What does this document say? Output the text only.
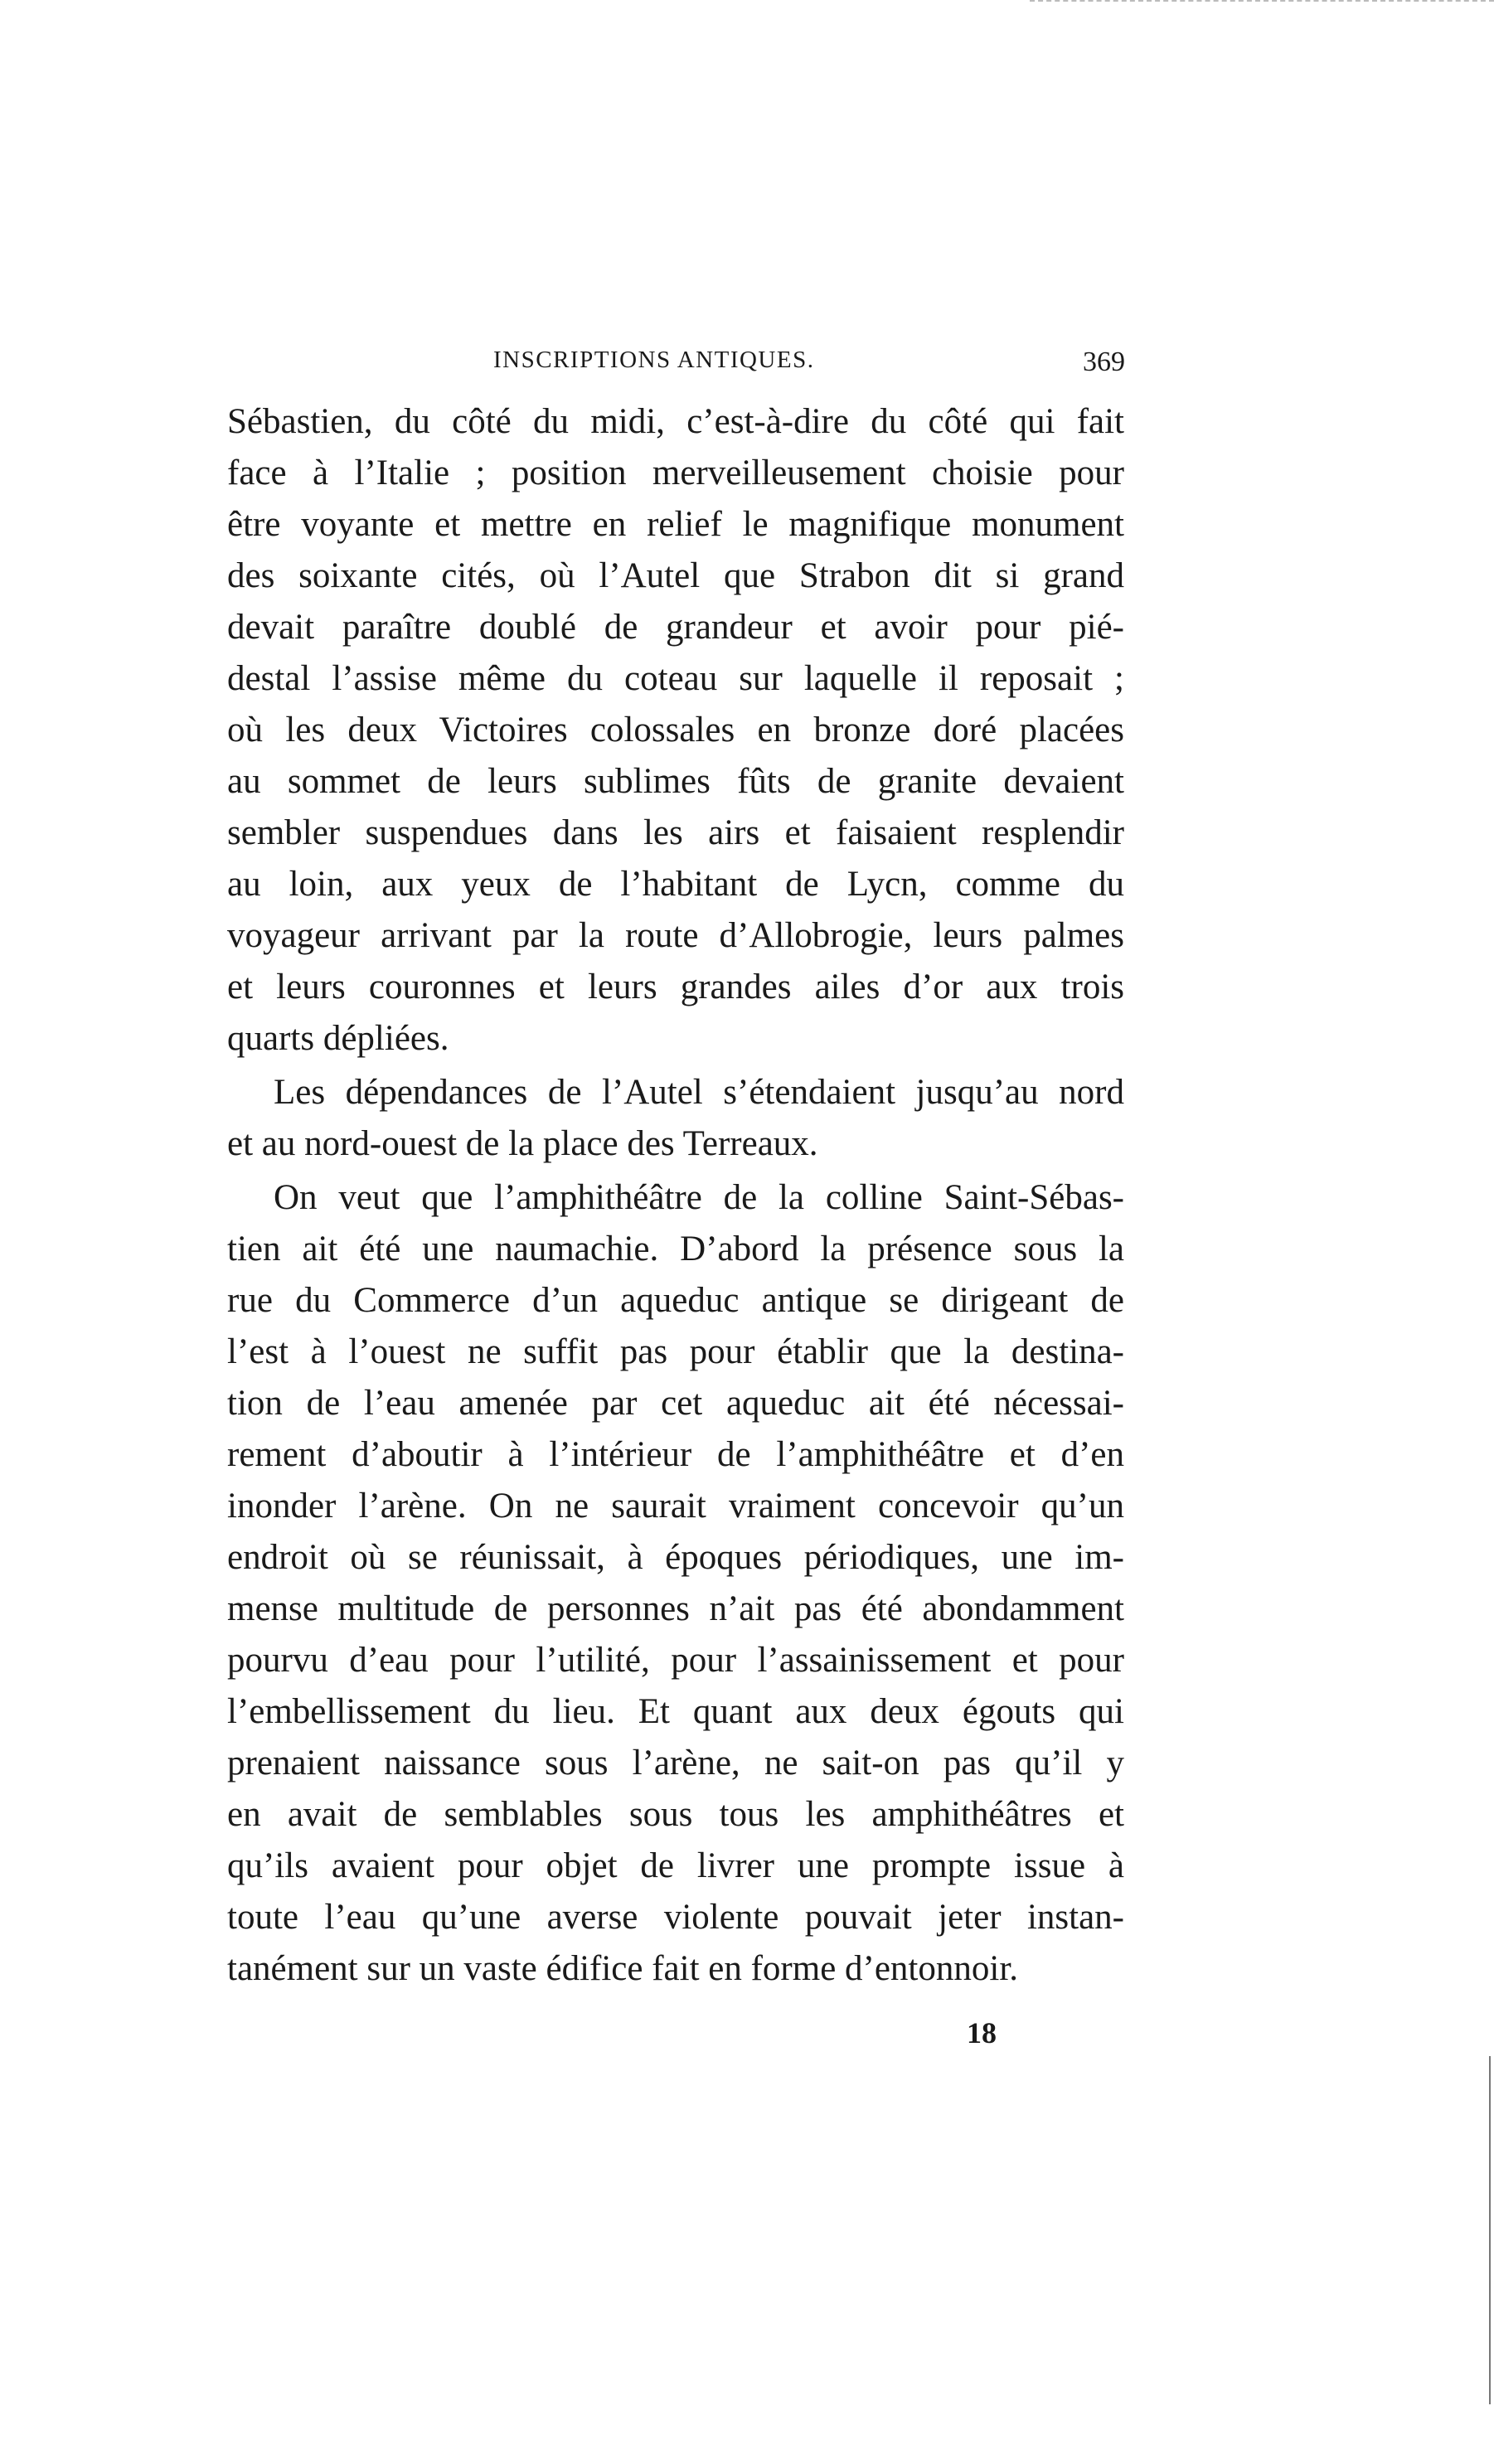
INSCRIPTIONS ANTIQUES.	369
Sébastien, du côté du midi, c’est-à-dire du côté qui fait
face à l’Italie ; position merveilleusement choisie pour
être voyante et mettre en relief le magnifique monument
des soixante cités, où l’Autel que Strabon dit si grand
devait paraître doublé de grandeur et avoir pour pié-
destal l’assise même du coteau sur laquelle il reposait ;
où les deux Victoires colossales en bronze doré placées
au sommet de leurs sublimes fûts de granite devaient
sembler suspendues dans les airs et faisaient resplendir
au loin, aux yeux de l’habitant de Lycn, comme du
voyageur arrivant par la route d’Allobrogie, leurs palmes
et leurs couronnes et leurs grandes ailes d’or aux trois
quarts dépliées.
Les dépendances de l’Autel s’étendaient jusqu’au nord
et au nord-ouest de la place des Terreaux.
On veut que l’amphithéâtre de la colline Saint-Sébas-
tien ait été une naumachie. D’abord la présence sous la
rue du Commerce d’un aqueduc antique se dirigeant de
l’est à l’ouest ne suffit pas pour établir que la destina-
tion de l’eau amenée par cet aqueduc ait été nécessai-
rement d’aboutir à l’intérieur de l’amphithéâtre et d’en
inonder l’arène. On ne saurait vraiment concevoir qu’un
endroit où se réunissait, à époques périodiques, une im-
mense multitude de personnes n’ait pas été abondamment
pourvu d’eau pour l’utilité, pour l’assainissement et pour
l’embellissement du lieu. Et quant aux deux égouts qui
prenaient naissance sous l’arène, ne sait-on pas qu’il y
en avait de semblables sous tous les amphithéâtres et
qu’ils avaient pour objet de livrer une prompte issue à
toute l’eau qu’une averse violente pouvait jeter instan-
tanément sur un vaste édifice fait en forme d’entonnoir.
18
